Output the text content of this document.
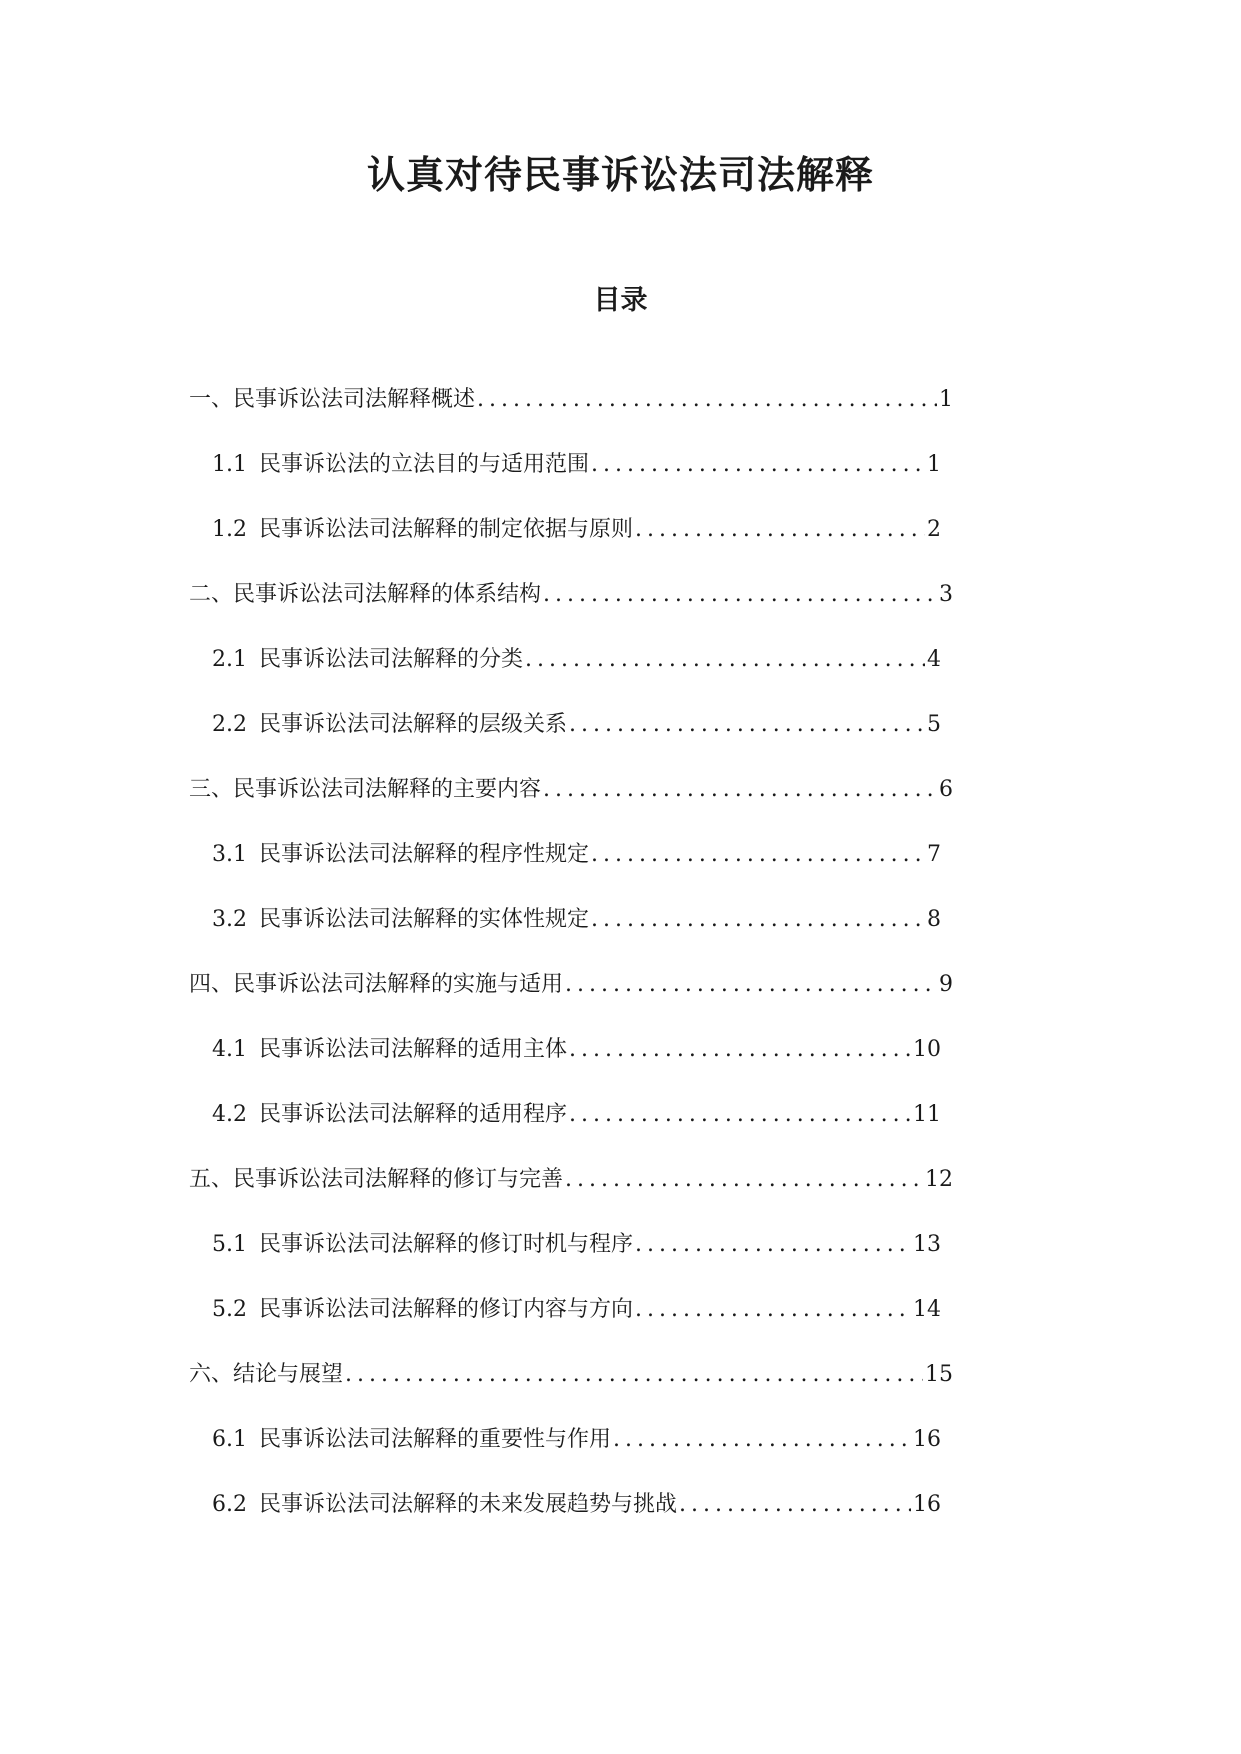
认真对待民事诉讼法司法解释
目录
一、民事诉讼法司法解释概述 . . .	1
1.1 民事诉讼法的立法目的与适用范围 . . .	1
1.2 民事诉讼法司法解释的制定依据与原则 . . .	2
二、民事诉讼法司法解释的体系结构 . . .	3
2.1 民事诉讼法司法解释的分类 . . .	4
2.2 民事诉讼法司法解释的层级关系 . . .	5
三、民事诉讼法司法解释的主要内容 . . .	6
3.1 民事诉讼法司法解释的程序性规定 . . .	7
3.2 民事诉讼法司法解释的实体性规定 . . .	8
四、民事诉讼法司法解释的实施与适用 . . .	9
4.1 民事诉讼法司法解释的适用主体 . . .	10
4.2 民事诉讼法司法解释的适用程序 . . .	11
五、民事诉讼法司法解释的修订与完善 . . .	12
5.1 民事诉讼法司法解释的修订时机与程序 . . .	13
5.2 民事诉讼法司法解释的修订内容与方向 . . .	14
六、结论与展望 . . .	15
6.1 民事诉讼法司法解释的重要性与作用 . . .	16
6.2 民事诉讼法司法解释的未来发展趋势与挑战 . . .	16
